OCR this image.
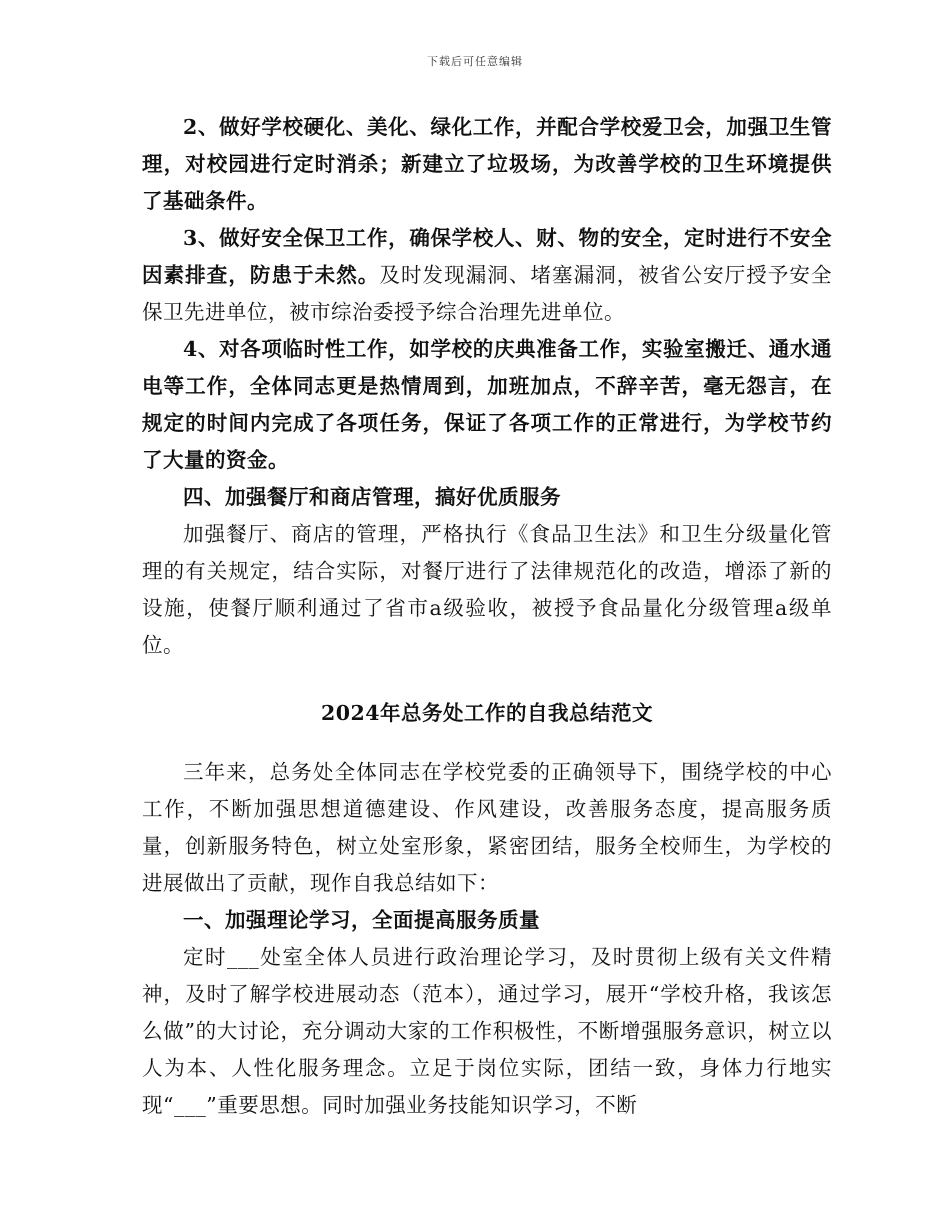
下载后可任意编辑

2、做好学校硬化、美化、绿化工作，并配合学校爱卫会，加强卫生管理，对校园进行定时消杀；新建立了垃圾场，为改善学校的卫生环境提供了基础条件。

3、做好安全保卫工作，确保学校人、财、物的安全，定时进行不安全因素排查，防患于未然。及时发现漏洞、堵塞漏洞，被省公安厅授予安全保卫先进单位，被市综治委授予综合治理先进单位。

4、对各项临时性工作，如学校的庆典准备工作，实验室搬迁、通水通电等工作，全体同志更是热情周到，加班加点，不辞辛苦，毫无怨言，在规定的时间内完成了各项任务，保证了各项工作的正常进行，为学校节约了大量的资金。

四、加强餐厅和商店管理，搞好优质服务

加强餐厅、商店的管理，严格执行《食品卫生法》和卫生分级量化管理的有关规定，结合实际，对餐厅进行了法律规范化的改造，增添了新的设施，使餐厅顺利通过了省市a级验收，被授予食品量化分级管理a级单位。

2024年总务处工作的自我总结范文

三年来，总务处全体同志在学校党委的正确领导下，围绕学校的中心工作，不断加强思想道德建设、作风建设，改善服务态度，提高服务质量，创新服务特色，树立处室形象，紧密团结，服务全校师生，为学校的进展做出了贡献，现作自我总结如下：

一、加强理论学习，全面提高服务质量

定时___处室全体人员进行政治理论学习，及时贯彻上级有关文件精神，及时了解学校进展动态（范本），通过学习，展开“学校升格，我该怎么做”的大讨论，充分调动大家的工作积极性，不断增强服务意识，树立以人为本、人性化服务理念。立足于岗位实际，团结一致，身体力行地实现“___”重要思想。同时加强业务技能知识学习，不断
